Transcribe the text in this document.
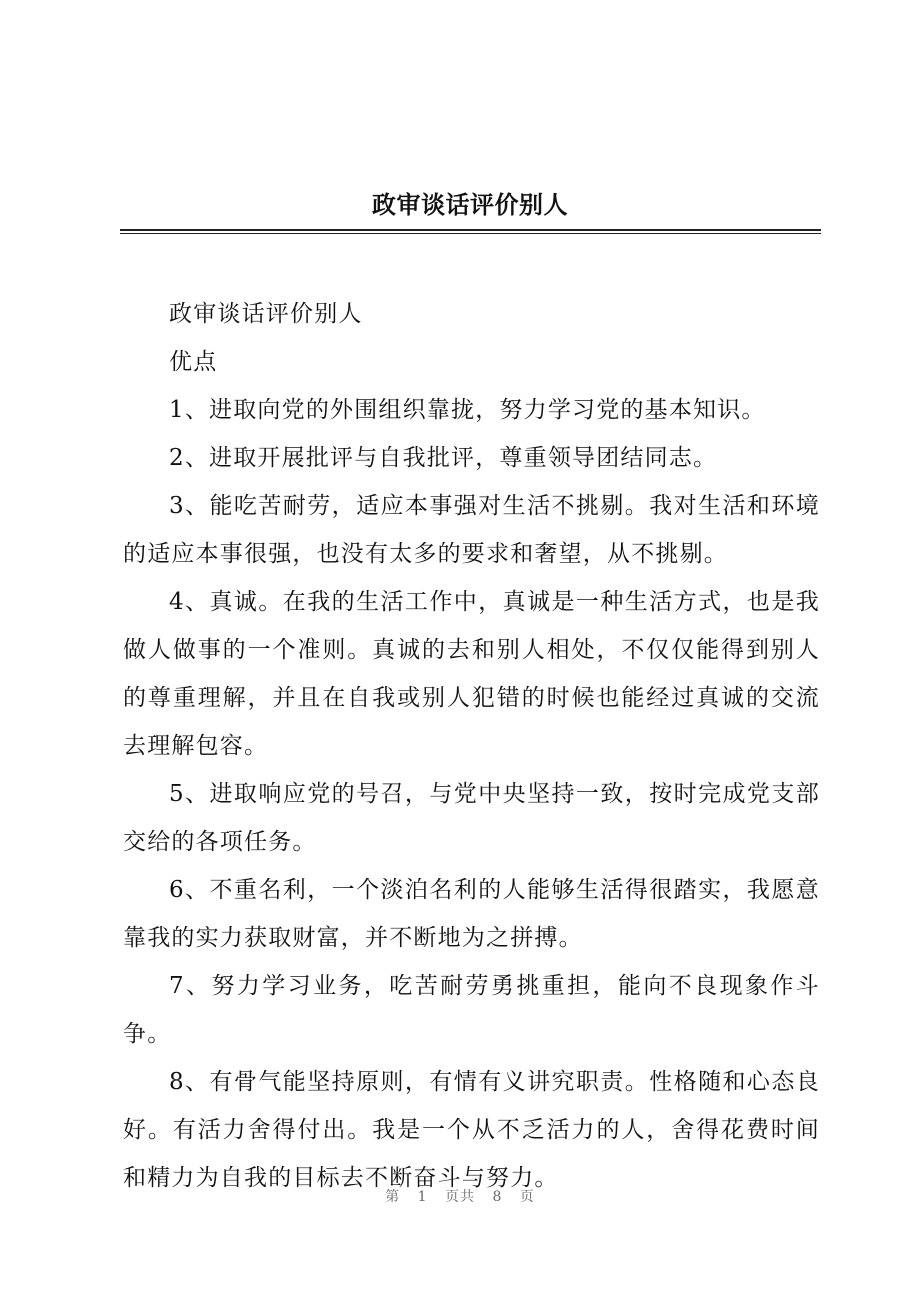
政审谈话评价别人

政审谈话评价别人

优点

1、进取向党的外围组织靠拢，努力学习党的基本知识。

2、进取开展批评与自我批评，尊重领导团结同志。

3、能吃苦耐劳，适应本事强对生活不挑剔。我对生活和环境的适应本事很强，也没有太多的要求和奢望，从不挑剔。

4、真诚。在我的生活工作中，真诚是一种生活方式，也是我做人做事的一个准则。真诚的去和别人相处，不仅仅能得到别人的尊重理解，并且在自我或别人犯错的时候也能经过真诚的交流去理解包容。

5、进取响应党的号召，与党中央坚持一致，按时完成党支部交给的各项任务。

6、不重名利，一个淡泊名利的人能够生活得很踏实，我愿意靠我的实力获取财富，并不断地为之拼搏。

7、努力学习业务，吃苦耐劳勇挑重担，能向不良现象作斗争。

8、有骨气能坚持原则，有情有义讲究职责。性格随和心态良好。有活力舍得付出。我是一个从不乏活力的人，舍得花费时间和精力为自我的目标去不断奋斗与努力。

第 1 页共 8 页
